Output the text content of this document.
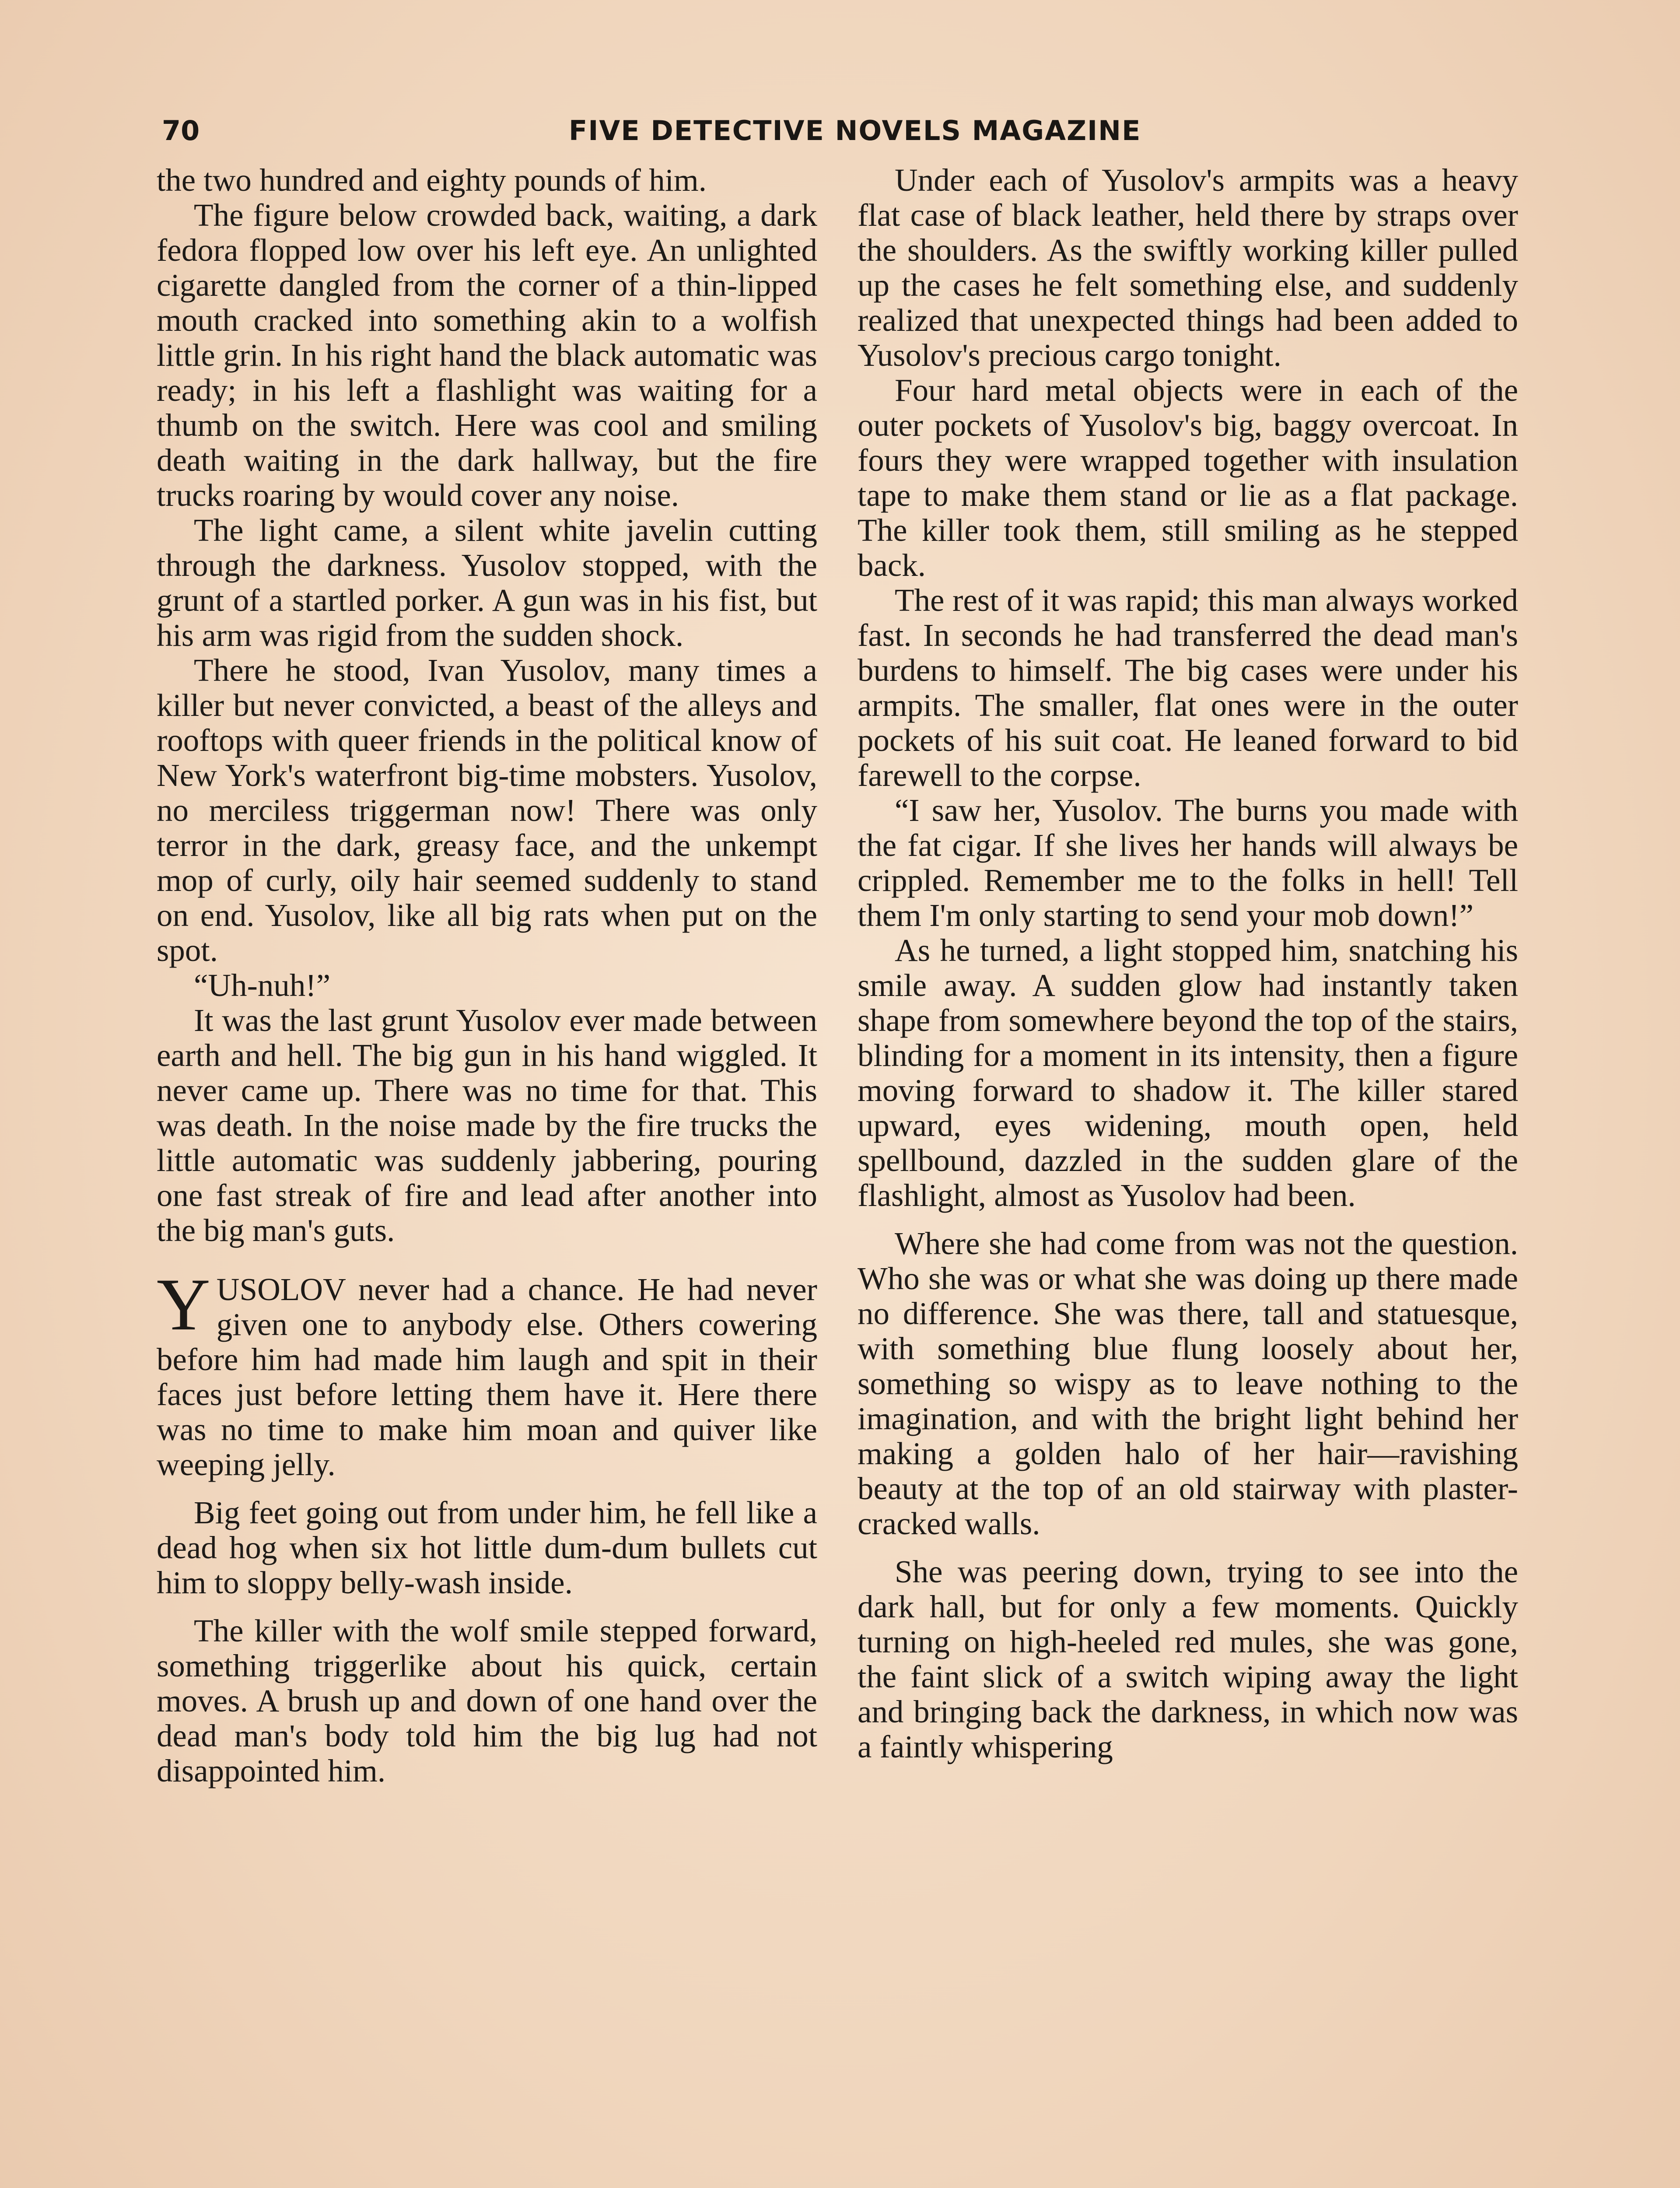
70	FIVE DETECTIVE NOVELS MAGAZINE

the two hundred and eighty pounds of him.

The figure below crowded back, waiting, a dark fedora flopped low over his left eye. An unlighted cigarette dangled from the corner of a thin-lipped mouth cracked into something akin to a wolfish little grin. In his right hand the black automatic was ready; in his left a flashlight was waiting for a thumb on the switch. Here was cool and smiling death waiting in the dark hallway, but the fire trucks roaring by would cover any noise.

The light came, a silent white javelin cutting through the darkness. Yusolov stopped, with the grunt of a startled porker. A gun was in his fist, but his arm was rigid from the sudden shock.

There he stood, Ivan Yusolov, many times a killer but never convicted, a beast of the alleys and rooftops with queer friends in the political know of New York's waterfront big-time mobsters. Yusolov, no merciless triggerman now! There was only terror in the dark, greasy face, and the unkempt mop of curly, oily hair seemed suddenly to stand on end. Yusolov, like all big rats when put on the spot.

“Uh-nuh!”

It was the last grunt Yusolov ever made between earth and hell. The big gun in his hand wiggled. It never came up. There was no time for that. This was death. In the noise made by the fire trucks the little automatic was suddenly jabbering, pouring one fast streak of fire and lead after another into the big man's guts.

YUSOLOV never had a chance. He had never given one to anybody else. Others cowering before him had made him laugh and spit in their faces just before letting them have it. Here there was no time to make him moan and quiver like weeping jelly.

Big feet going out from under him, he fell like a dead hog when six hot little dum-dum bullets cut him to sloppy belly-wash inside.

The killer with the wolf smile stepped forward, something triggerlike about his quick, certain moves. A brush up and down of one hand over the dead man's body told him the big lug had not disappointed him.

Under each of Yusolov's armpits was a heavy flat case of black leather, held there by straps over the shoulders. As the swiftly working killer pulled up the cases he felt something else, and suddenly realized that unexpected things had been added to Yusolov's precious cargo tonight.

Four hard metal objects were in each of the outer pockets of Yusolov's big, baggy overcoat. In fours they were wrapped together with insulation tape to make them stand or lie as a flat package. The killer took them, still smiling as he stepped back.

The rest of it was rapid; this man always worked fast. In seconds he had transferred the dead man's burdens to himself. The big cases were under his armpits. The smaller, flat ones were in the outer pockets of his suit coat. He leaned forward to bid farewell to the corpse.

“I saw her, Yusolov. The burns you made with the fat cigar. If she lives her hands will always be crippled. Remember me to the folks in hell! Tell them I'm only starting to send your mob down!”

As he turned, a light stopped him, snatching his smile away. A sudden glow had instantly taken shape from somewhere beyond the top of the stairs, blinding for a moment in its intensity, then a figure moving forward to shadow it. The killer stared upward, eyes widening, mouth open, held spellbound, dazzled in the sudden glare of the flashlight, almost as Yusolov had been.

Where she had come from was not the question. Who she was or what she was doing up there made no difference. She was there, tall and statuesque, with something blue flung loosely about her, something so wispy as to leave nothing to the imagination, and with the bright light behind her making a golden halo of her hair—ravishing beauty at the top of an old stairway with plaster-cracked walls.

She was peering down, trying to see into the dark hall, but for only a few moments. Quickly turning on high-heeled red mules, she was gone, the faint slick of a switch wiping away the light and bringing back the darkness, in which now was a faintly whispering
